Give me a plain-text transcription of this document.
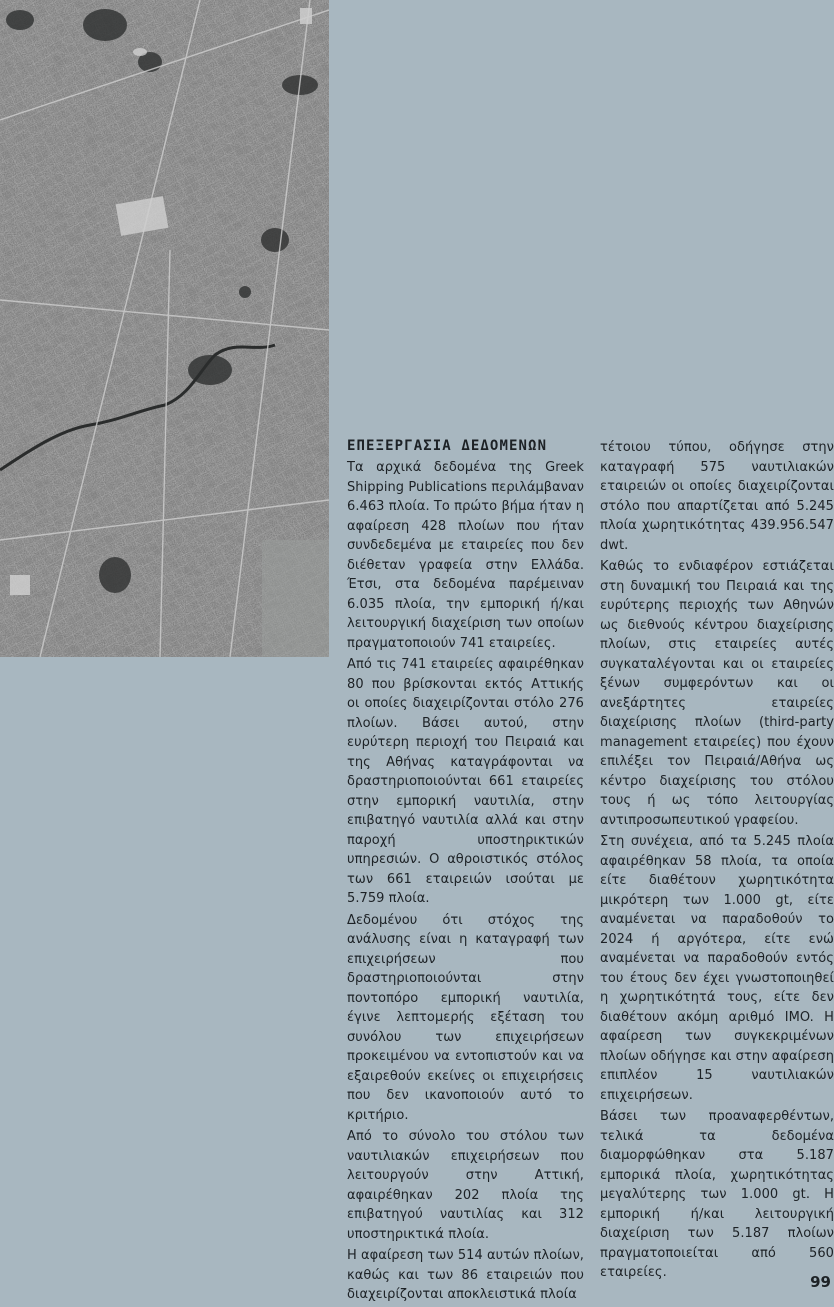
ΕΠΕΞΕΡΓΑΣΙΑ ΔΕΔΟΜΕΝΩΝ

Τα αρχικά δεδομένα της Greek Shipping Publications περιλάμβαναν 6.463 πλοία. Το πρώτο βήμα ήταν η αφαίρεση 428 πλοίων που ήταν συνδεδεμένα με εταιρείες που δεν διέθεταν γραφεία στην Ελλάδα. Έτσι, στα δεδομένα παρέμειναν 6.035 πλοία, την εμπορική ή/και λειτουργική διαχείριση των οποίων πραγματοποιούν 741 εταιρείες.

Από τις 741 εταιρείες αφαιρέθηκαν 80 που βρίσκονται εκτός Αττικής οι οποίες διαχειρίζονται στόλο 276 πλοίων. Βάσει αυτού, στην ευρύτερη περιοχή του Πειραιά και της Αθήνας καταγράφονται να δραστηριοποιούνται 661 εταιρείες στην εμπορική ναυτιλία, στην επιβατηγό ναυτιλία αλλά και στην παροχή υποστηρικτικών υπηρεσιών. Ο αθροιστικός στόλος των 661 εταιρειών ισούται με 5.759 πλοία.

Δεδομένου ότι στόχος της ανάλυσης είναι η καταγραφή των επιχειρήσεων που δραστηριοποιούνται στην ποντοπόρο εμπορική ναυτιλία, έγινε λεπτομερής εξέταση του συνόλου των επιχειρήσεων προκειμένου να εντοπιστούν και να εξαιρεθούν εκείνες οι επιχειρήσεις που δεν ικανοποιούν αυτό το κριτήριο.

Από το σύνολο του στόλου των ναυτιλιακών επιχειρήσεων που λειτουργούν στην Αττική, αφαιρέθηκαν 202 πλοία της επιβατηγού ναυτιλίας και 312 υποστηρικτικά πλοία.

Η αφαίρεση των 514 αυτών πλοίων, καθώς και των 86 εταιρειών που διαχειρίζονται αποκλειστικά πλοία

τέτοιου τύπου, οδήγησε στην καταγραφή 575 ναυτιλιακών εταιρειών οι οποίες διαχειρίζονται στόλο που απαρτίζεται από 5.245 πλοία χωρητικότητας 439.956.547 dwt.

Καθώς το ενδιαφέρον εστιάζεται στη δυναμική του Πειραιά και της ευρύτερης περιοχής των Αθηνών ως διεθνούς κέντρου διαχείρισης πλοίων, στις εταιρείες αυτές συγκαταλέγονται και οι εταιρείες ξένων συμφερόντων και οι ανεξάρτητες εταιρείες διαχείρισης πλοίων (third-party management εταιρείες) που έχουν επιλέξει τον Πειραιά/Αθήνα ως κέντρο διαχείρισης του στόλου τους ή ως τόπο λειτουργίας αντιπροσωπευτικού γραφείου.

Στη συνέχεια, από τα 5.245 πλοία αφαιρέθηκαν 58 πλοία, τα οποία είτε διαθέτουν χωρητικότητα μικρότερη των 1.000 gt, είτε αναμένεται να παραδοθούν το 2024 ή αργότερα, είτε ενώ αναμένεται να παραδοθούν εντός του έτους δεν έχει γνωστοποιηθεί η χωρητικότητά τους, είτε δεν διαθέτουν ακόμη αριθμό IMO. Η αφαίρεση των συγκεκριμένων πλοίων οδήγησε και στην αφαίρεση επιπλέον 15 ναυτιλιακών επιχειρήσεων.

Βάσει των προαναφερθέντων, τελικά τα δεδομένα διαμορφώθηκαν στα 5.187 εμπορικά πλοία, χωρητικότητας μεγαλύτερης των 1.000 gt. Η εμπορική ή/και λειτουργική διαχείριση των 5.187 πλοίων πραγματοποιείται από 560 εταιρείες.

99
